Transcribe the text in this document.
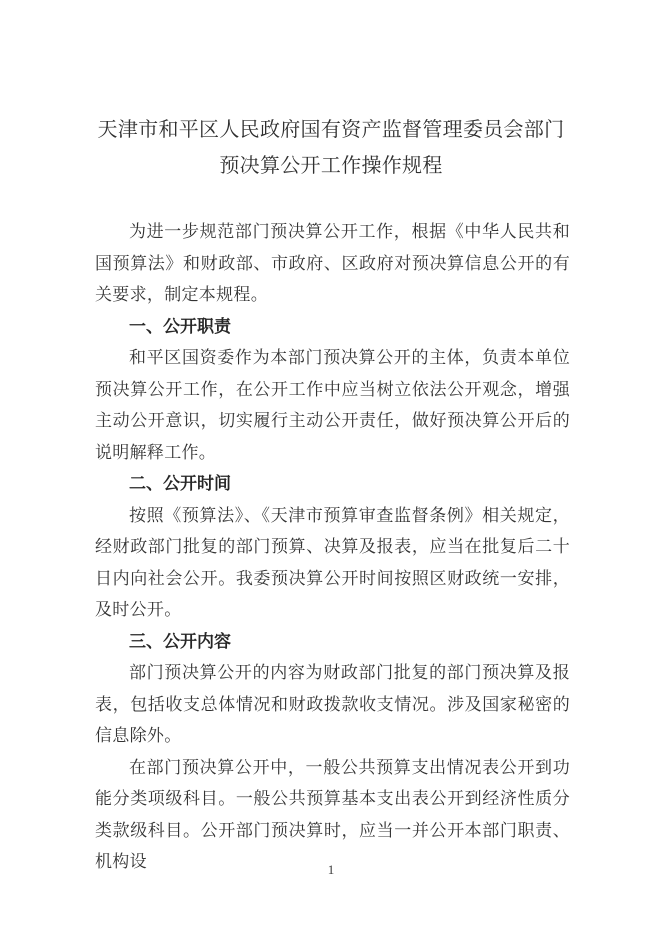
天津市和平区人民政府国有资产监督管理委员会部门
预决算公开工作操作规程

为进一步规范部门预决算公开工作，根据《中华人民共和国预算法》和财政部、市政府、区政府对预决算信息公开的有关要求，制定本规程。

一、公开职责

和平区国资委作为本部门预决算公开的主体，负责本单位预决算公开工作，在公开工作中应当树立依法公开观念，增强主动公开意识，切实履行主动公开责任，做好预决算公开后的说明解释工作。

二、公开时间

按照《预算法》、《天津市预算审查监督条例》相关规定，经财政部门批复的部门预算、决算及报表，应当在批复后二十日内向社会公开。我委预决算公开时间按照区财政统一安排，及时公开。

三、公开内容

部门预决算公开的内容为财政部门批复的部门预决算及报表，包括收支总体情况和财政拨款收支情况。涉及国家秘密的信息除外。

在部门预决算公开中，一般公共预算支出情况表公开到功能分类项级科目。一般公共预算基本支出表公开到经济性质分类款级科目。公开部门预决算时，应当一并公开本部门职责、机构设	1
